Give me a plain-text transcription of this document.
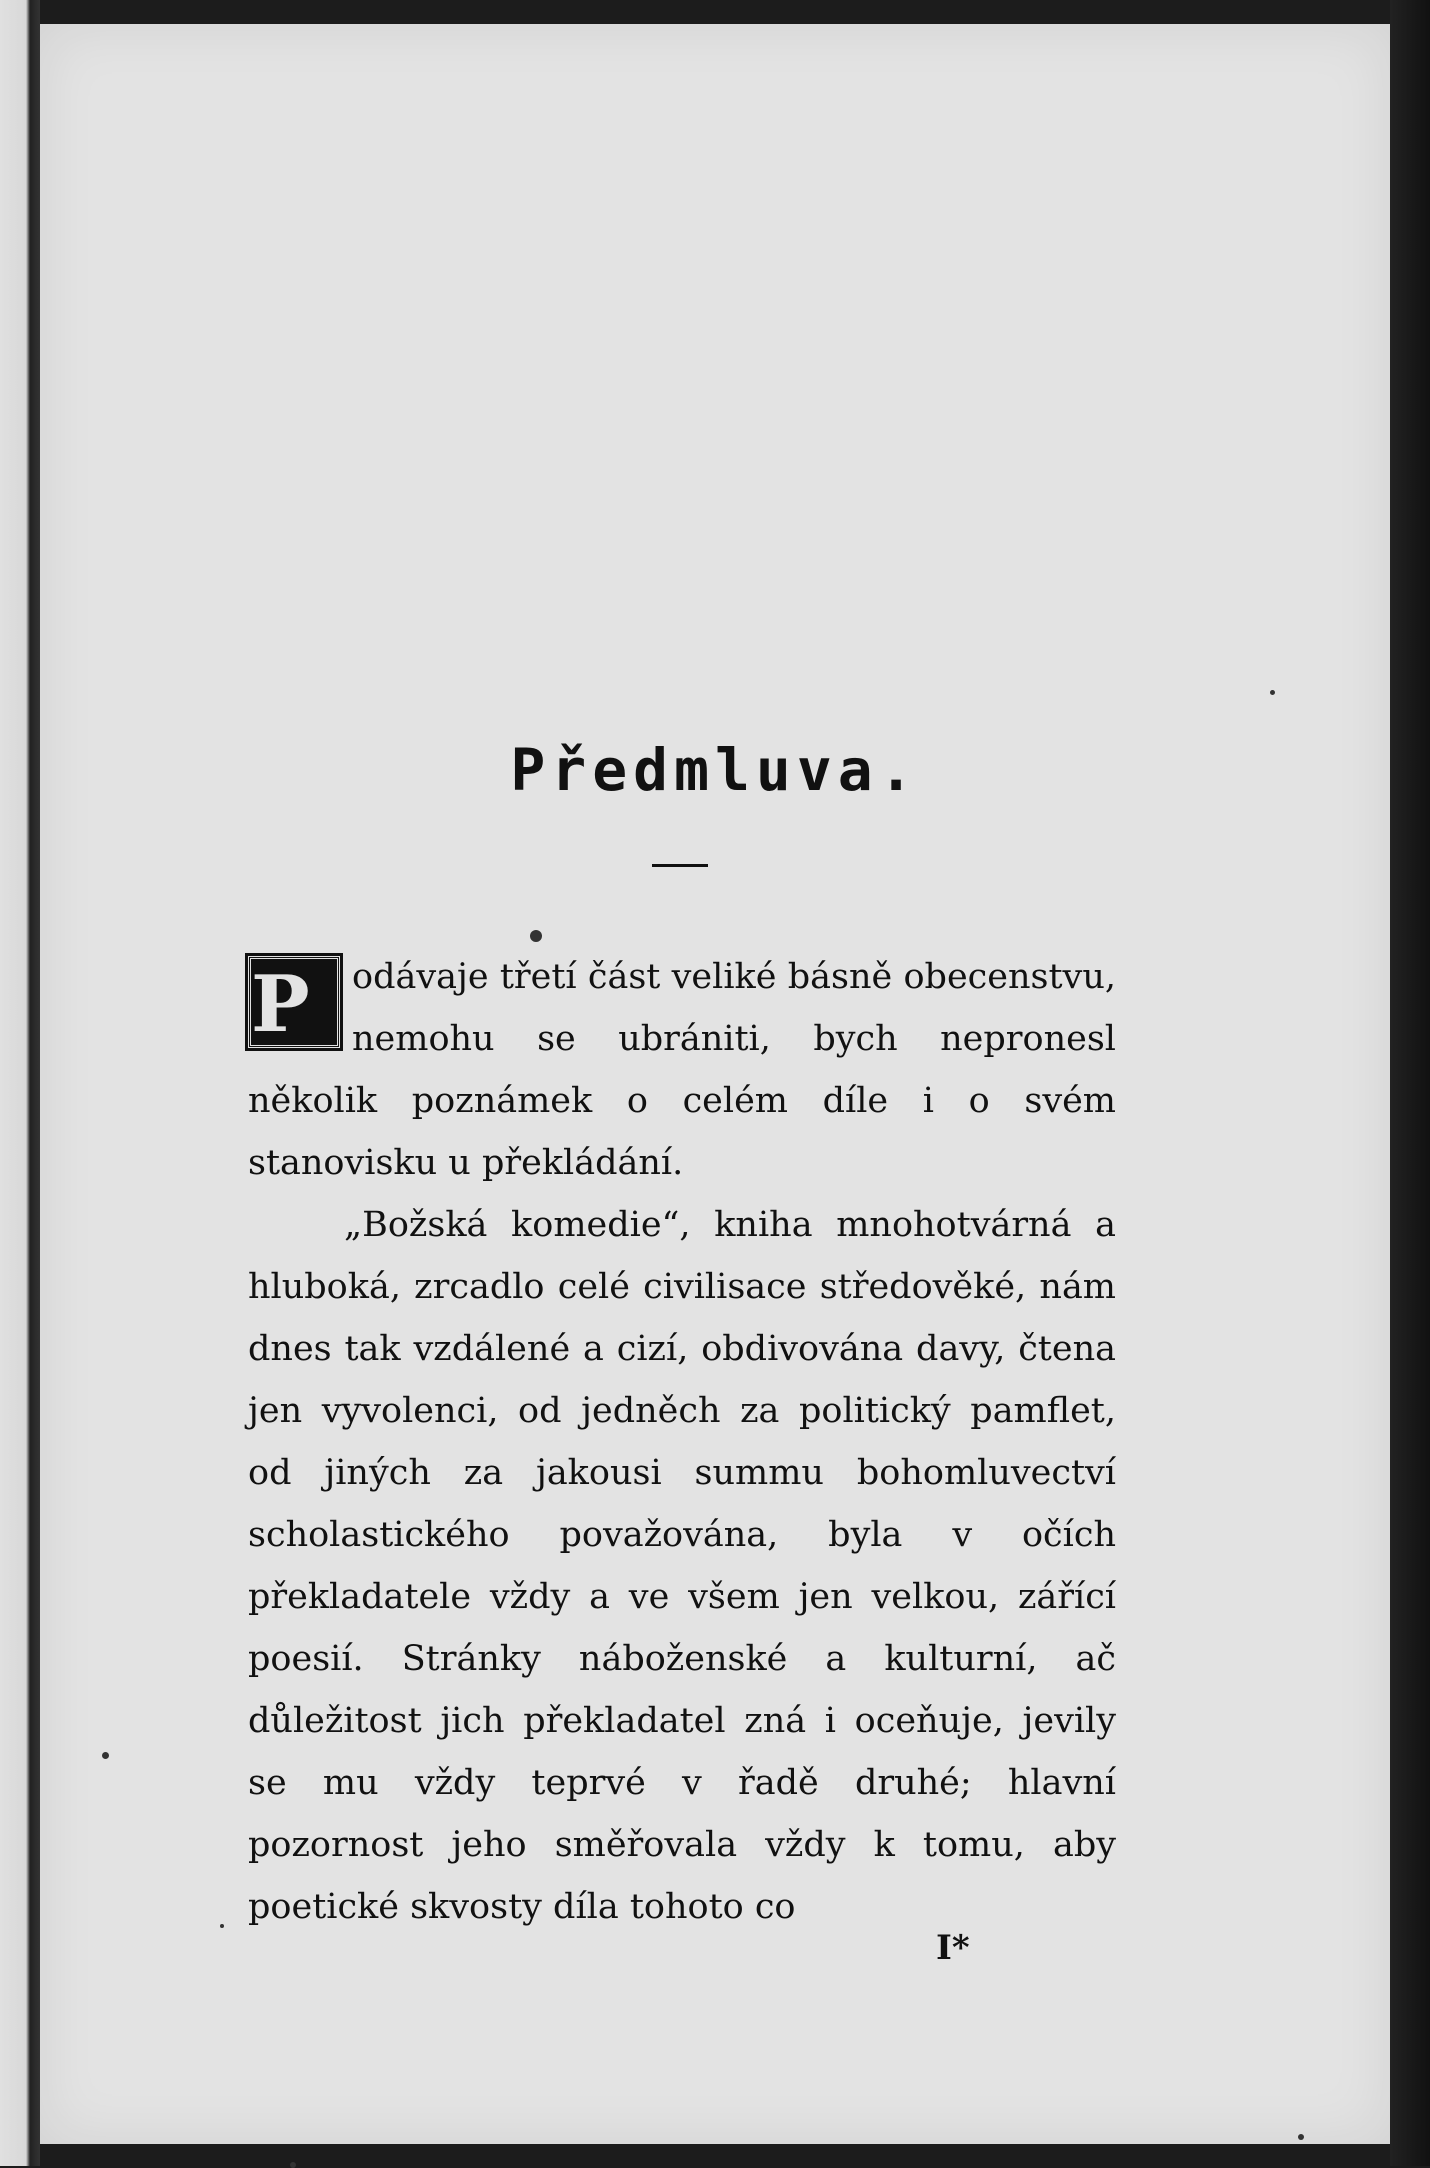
Předmluva.

P	odávaje třetí část veliké básně obecenstvu, nemohu se ubrániti, bych nepronesl několik poznámek o celém díle i o svém stanovisku u překládání.

„Božská komedie“, kniha mnohotvárná a hluboká, zrcadlo celé civilisace středověké, nám dnes tak vzdálené a cizí, obdivována davy, čtena jen vyvolenci, od jedněch za politický pamflet, od jiných za jakousi summu bohomluvectví scholastického považována, byla v očích překladatele vždy a ve všem jen velkou, zářící poesií. Stránky náboženské a kulturní, ač důležitost jich překladatel zná i oceňuje, jevily se mu vždy teprvé v řadě druhé; hlavní pozornost jeho směřovala vždy k tomu, aby poetické skvosty díla tohoto co

I*
